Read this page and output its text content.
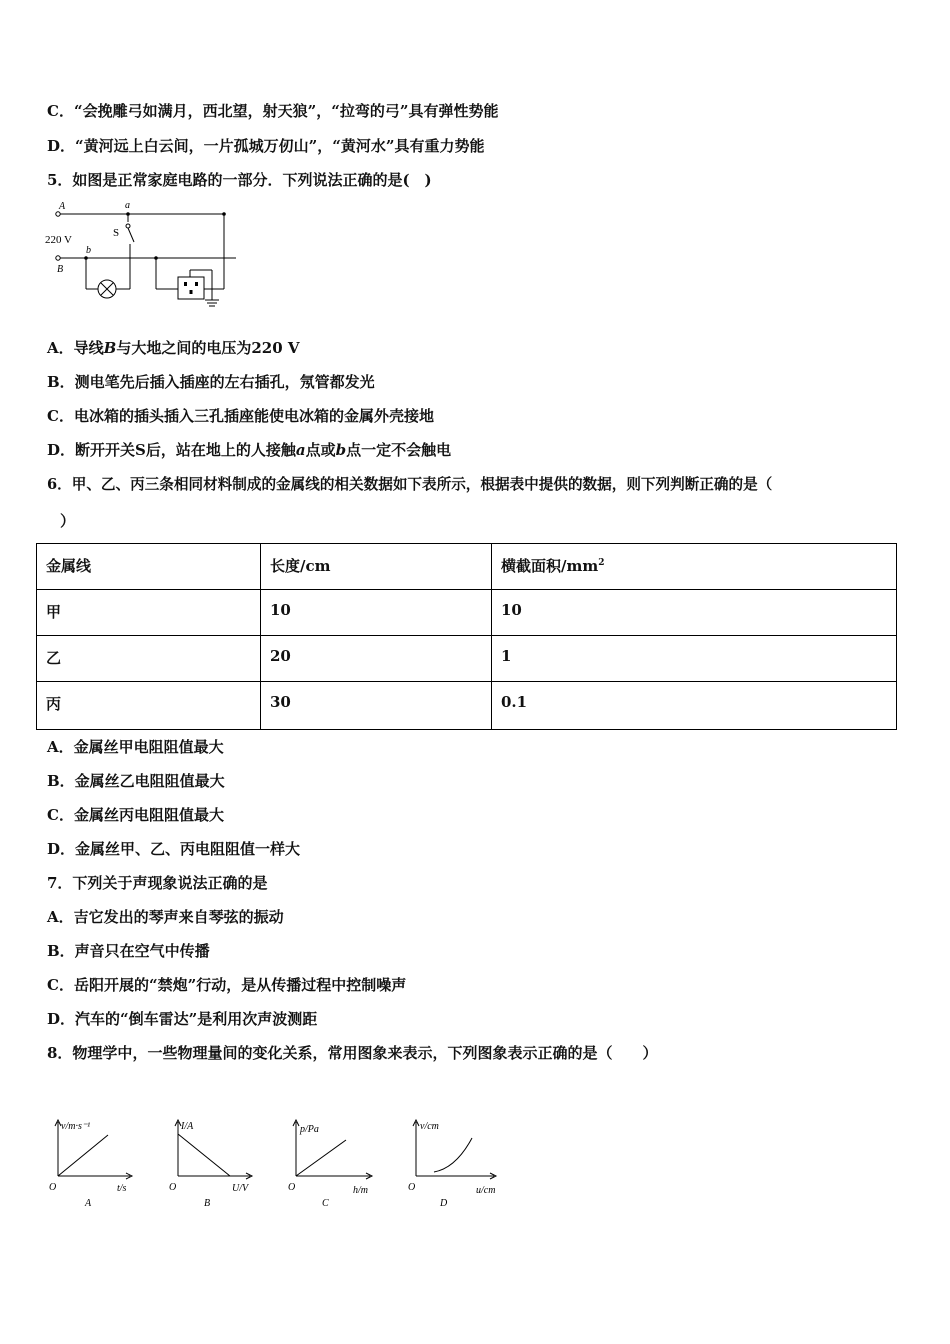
C．“会挽雕弓如满月，西北望，射天狼”，“拉弯的弓”具有弹性势能
D．“黄河远上白云间，一片孤城万仞山”，“黄河水”具有重力势能
5．如图是正常家庭电路的一部分．下列说法正确的是(　)
A
B
220 V
S
a
b
A．导线B与大地之间的电压为220 V
B．测电笔先后插入插座的左右插孔，氖管都发光
C．电冰箱的插头插入三孔插座能使电冰箱的金属外壳接地
D．断开开关S后，站在地上的人接触a点或b点一定不会触电
6．甲、乙、丙三条相同材料制成的金属线的相关数据如下表所示，根据表中提供的数据，则下列判断正确的是（
）
金属线	长度/cm	横截面积$/mm^2$
甲	10	10
乙	20	1
丙	30	0.1
A．金属丝甲电阻阻值最大
B．金属丝乙电阻阻值最大
C．金属丝丙电阻阻值最大
D．金属丝甲、乙、丙电阻阻值一样大
7．下列关于声现象说法正确的是
A．吉它发出的琴声来自琴弦的振动
B．声音只在空气中传播
C．岳阳开展的“禁炮”行动，是从传播过程中控制噪声
D．汽车的“倒车雷达”是利用次声波测距
8．物理学中，一些物理量间的变化关系，常用图象来表示，下列图象表示正确的是（　　）
v/m·s⁻¹
t/s
O
A
I/A
U/V
O
B
p/Pa
h/m
O
C
v/cm
u/cm
O
D
